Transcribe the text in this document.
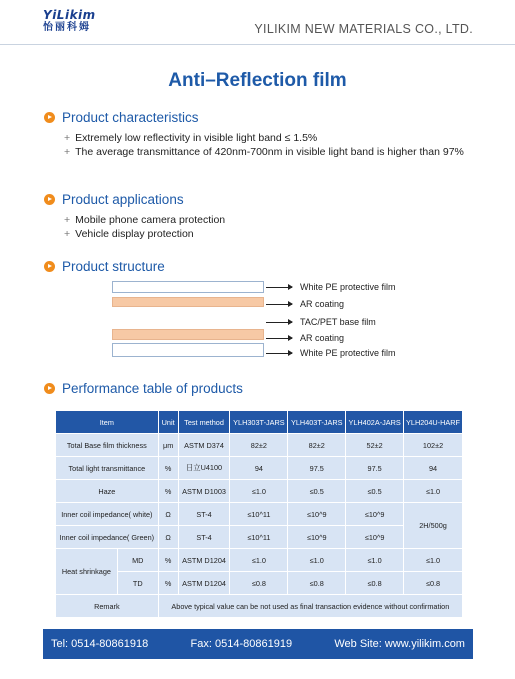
YiLikim
怡丽科姆	YILIKIM NEW MATERIALS CO., LTD.
Anti–Reflection film
Product characteristics
+ Extremely low reflectivity in visible light band ≤ 1.5%
+ The average transmittance of 420nm-700nm in visible light band is higher than 97%
Product applications
+ Mobile phone camera protection
+ Vehicle display protection
Product structure
White PE protective film
AR coating
TAC/PET base film
AR coating
White PE protective film
Performance table of products
Item		Unit	Test method	YLH303T-JARS	YLH403T-JARS	YLH402A-JARS	YLH204U-HARF
Total Base film thickness		μm	ASTM D374	82±2	82±2	52±2	102±2
Total light transmittance		%	日立U4100	94	97.5	97.5	94
Haze		%	ASTM D1003	≤1.0	≤0.5	≤0.5	≤1.0
Inner coil impedance( white)		Ω	ST-4	≤10^11	≤10^9	≤10^9	2H/500g
Inner coil impedance( Green)		Ω	ST-4	≤10^11	≤10^9	≤10^9	
Heat shrinkage	MD	%	ASTM D1204	≤1.0	≤1.0	≤1.0	≤1.0
	TD	%	ASTM D1204	≤0.8	≤0.8	≤0.8	≤0.8
Remark		Above typical value can be not used as final transaction evidence without confirmation					
Tel: 0514-80861918	Fax: 0514-80861919	Web Site: www.yilikim.com
